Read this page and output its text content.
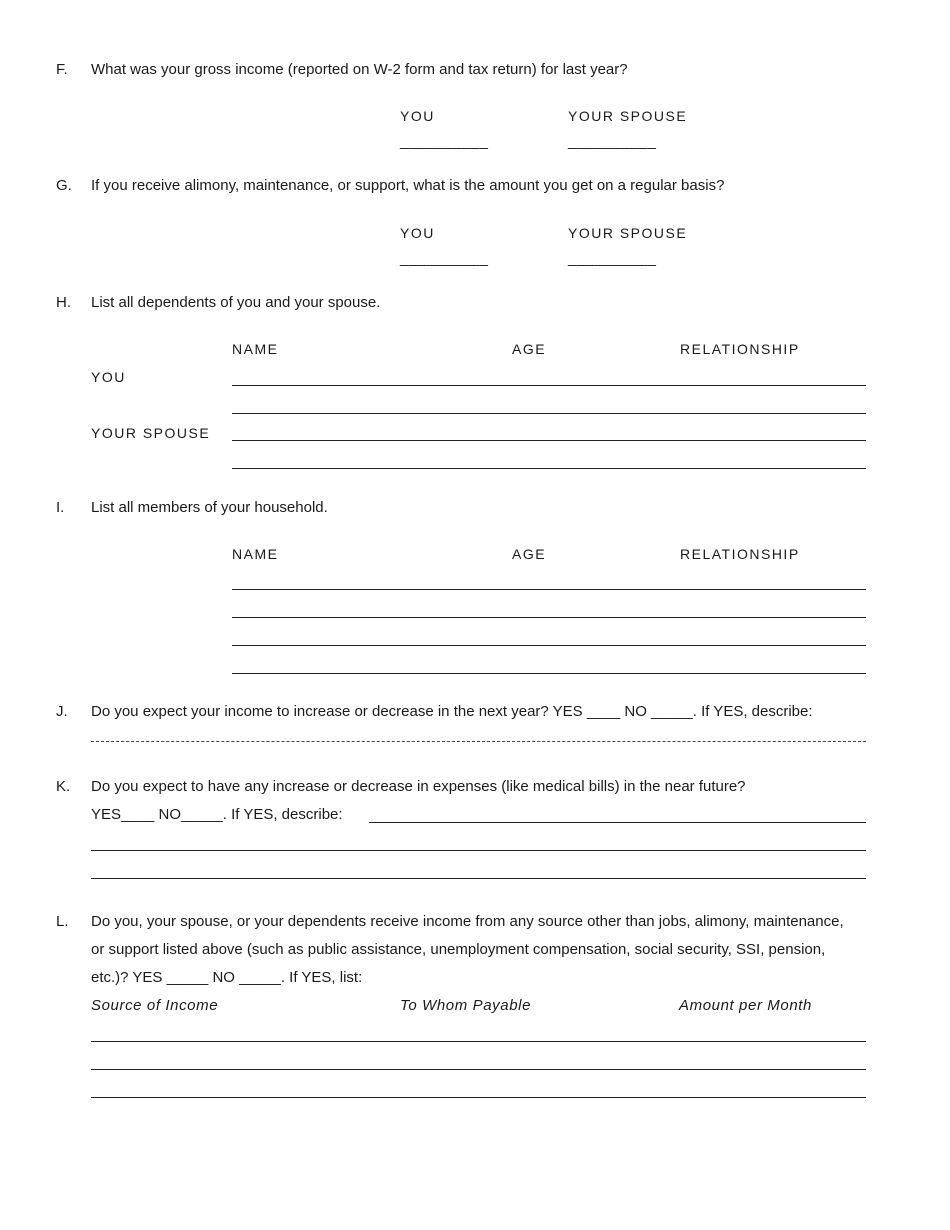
F. What was your gross income (reported on W-2 form and tax return) for last year?
YOU	YOUR SPOUSE
__________	__________
G. If you receive alimony, maintenance, or support, what is the amount you get on a regular basis?
YOU	YOUR SPOUSE
__________	__________
H. List all dependents of you and your spouse.
NAME	AGE	RELATIONSHIP
YOU
YOUR SPOUSE
I. List all members of your household.
NAME	AGE	RELATIONSHIP
J. Do you expect your income to increase or decrease in the next year? YES ____ NO _____. If YES, describe:
K. Do you expect to have any increase or decrease in expenses (like medical bills) in the near future?
YES____ NO_____. If YES, describe:
L. Do you, your spouse, or your dependents receive income from any source other than jobs, alimony, maintenance,
or support listed above (such as public assistance, unemployment compensation, social security, SSI, pension,
etc.)? YES _____ NO _____. If YES, list:
Source of Income	To Whom Payable	Amount per Month
